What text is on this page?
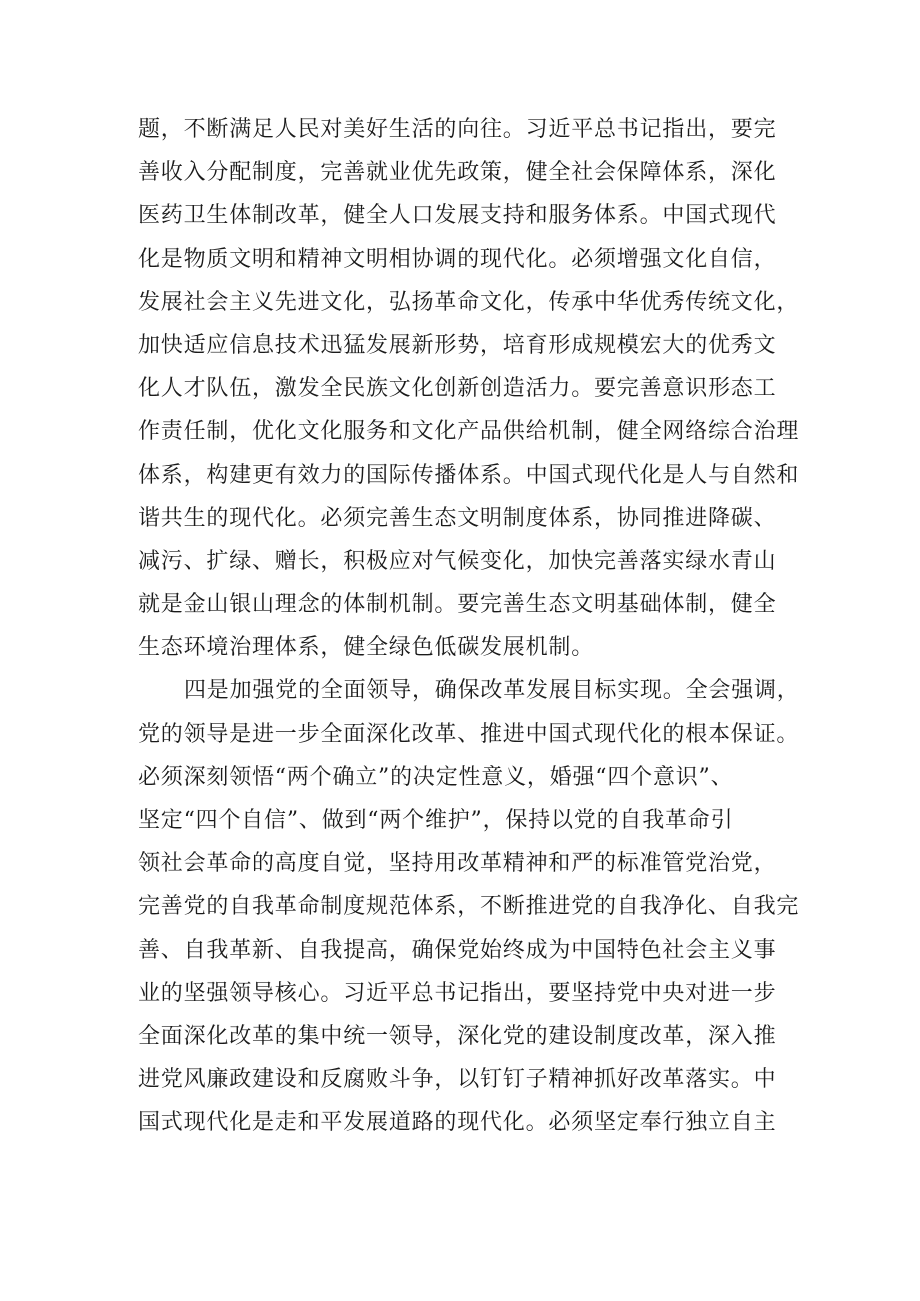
题，不断满足人民对美好生活的向往。习近平总书记指出，要完
善收入分配制度，完善就业优先政策，健全社会保障体系，深化
医药卫生体制改革，健全人口发展支持和服务体系。中国式现代
化是物质文明和精神文明相协调的现代化。必须增强文化自信，
发展社会主义先进文化，弘扬革命文化，传承中华优秀传统文化，
加快适应信息技术迅猛发展新形势，培育形成规模宏大的优秀文
化人才队伍，激发全民族文化创新创造活力。要完善意识形态工
作责任制，优化文化服务和文化产品供给机制，健全网络综合治理
体系，构建更有效力的国际传播体系。中国式现代化是人与自然和
谐共生的现代化。必须完善生态文明制度体系，协同推进降碳、
减污、扩绿、赠长，积极应对气候变化，加快完善落实绿水青山
就是金山银山理念的体制机制。要完善生态文明基础体制，健全
生态环境治理体系，健全绿色低碳发展机制。
四是加强党的全面领导，确保改革发展目标实现。全会强调，
党的领导是进一步全面深化改革、推进中国式现代化的根本保证。
必须深刻领悟“两个确立”的决定性意义，婚强“四个意识”、
坚定“四个自信”、做到“两个维护”，保持以党的自我革命引
领社会革命的高度自觉，坚持用改革精神和严的标准管党治党，
完善党的自我革命制度规范体系，不断推进党的自我净化、自我完
善、自我革新、自我提高，确保党始终成为中国特色社会主义事
业的坚强领导核心。习近平总书记指出，要坚持党中央对进一步
全面深化改革的集中统一领导，深化党的建设制度改革，深入推
进党风廉政建设和反腐败斗争，以钉钉子精神抓好改革落实。中
国式现代化是走和平发展道路的现代化。必须坚定奉行独立自主
